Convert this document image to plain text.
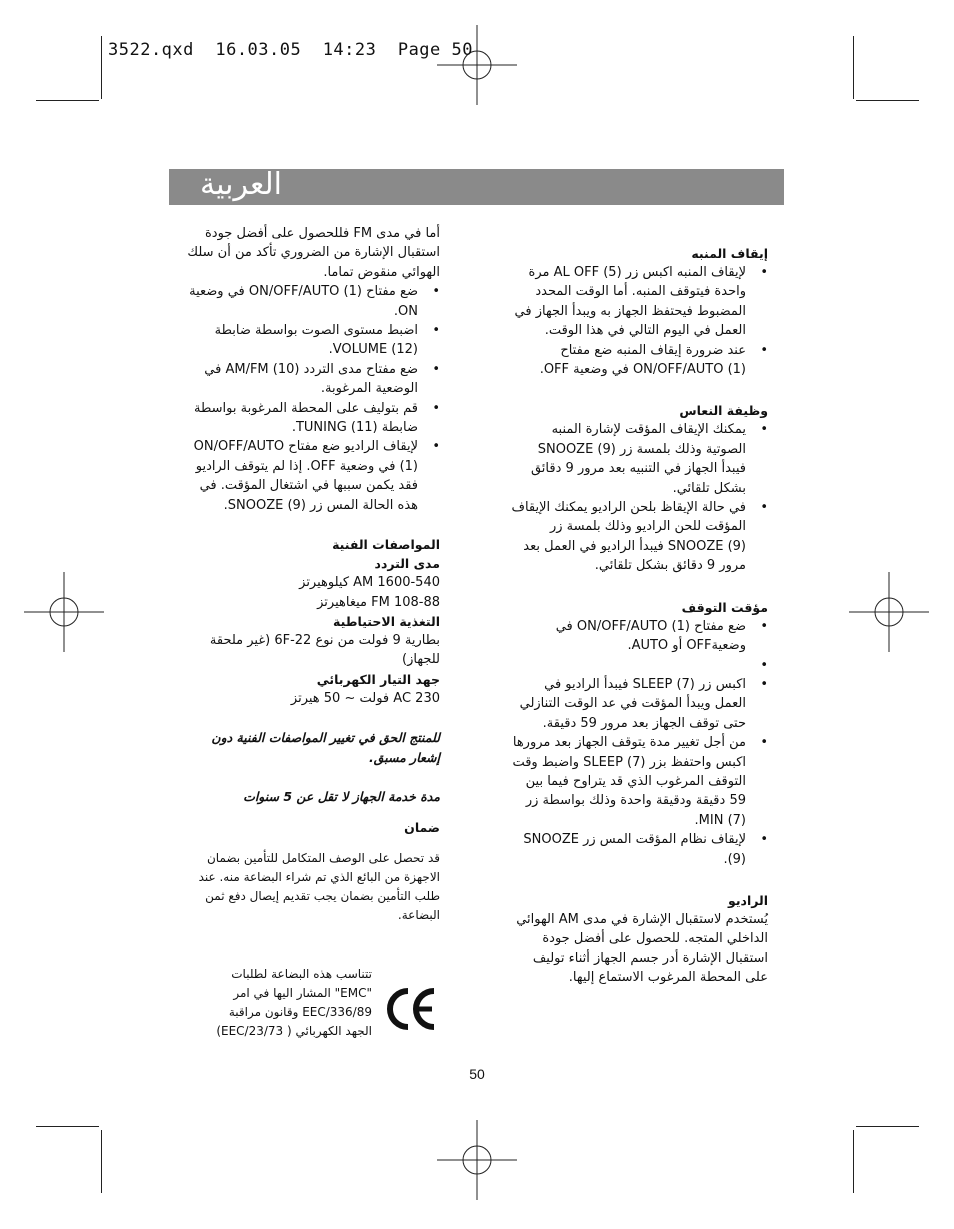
3522.qxd  16.03.05  14:23  Page 50

العربية

إيقاف المنبه
•
لإيقاف المنبه اكبس زر AL OFF (5) مرة واحدة فيتوقف المنبه. أما الوقت المحدد المضبوط فيحتفظ الجهاز به ويبدأ الجهاز في العمل في اليوم التالي في هذا الوقت.
•
عند ضرورة إيقاف المنبه ضع مفتاح ON/OFF/AUTO (1) في وضعية OFF.
وظيفة النعاس
•
يمكنك الإيقاف المؤقت لإشارة المنبه الصوتية وذلك بلمسة زر SNOOZE (9) فيبدأ الجهاز في التنبيه بعد مرور 9 دقائق بشكل تلقائي.
•
في حالة الإيقاظ بلحن الراديو يمكنك الإيقاف المؤقت للحن الراديو وذلك بلمسة زر SNOOZE (9) فيبدأ الراديو في العمل بعد مرور 9 دقائق بشكل تلقائي.
مؤقت التوقف
•
ضع مفتاح ON/OFF/AUTO (1) في وضعيةOFF أو AUTO.
•

•
اكبس زر SLEEP (7) فيبدأ الراديو في العمل ويبدأ المؤقت في عد الوقت التنازلي حتى توقف الجهاز بعد مرور 59 دقيقة.
•
من أجل تغيير مدة يتوقف الجهاز بعد مرورها اكبس واحتفظ بزر SLEEP (7) واضبط وقت التوقف المرغوب الذي قد يتراوح فيما بين 59 دقيقة ودقيقة واحدة وذلك بواسطة زر MIN (7).
•
لإيقاف نظام المؤقت المس زر SNOOZE (9).
الراديو

يُستخدم لاستقبال الإشارة في مدى AM الهوائي الداخلي المتجه. للحصول على أفضل جودة استقبال الإشارة أدر جسم الجهاز أثناء توليف على المحطة المرغوب الاستماع إليها.

أما في مدى FM فللحصول على أفضل جودة استقبال الإشارة من الضروري تأكد من أن سلك الهوائي منقوض تماما.

•
ضع مفتاح ON/OFF/AUTO (1) في وضعية ON.
•
اضبط مستوى الصوت بواسطة ضابطة VOLUME (12).
•
ضع مفتاح مدى التردد AM/FM (10) في الوضعية المرغوبة.
•
قم بتوليف على المحطة المرغوبة بواسطة ضابطة TUNING (11).
•
لإيقاف الراديو ضع مفتاح ON/OFF/AUTO (1) في وضعية OFF. إذا لم يتوقف الراديو فقد يكمن سببها في اشتغال المؤقت. في هذه الحالة المس زر SNOOZE (9).
المواصفات الفنية
مدى التردد

1600-540 AM كيلوهيرتز

108-88 FM ميغاهيرتز

التغذية الاحتياطية

بطارية 9 فولت من نوع 6F-22 (غير ملحقة للجهاز)

جهد التيار الكهربائي

230 AC فولت ~ 50 هيرتز

للمنتج الحق في تغيير المواصفات الفنية دون إشعار مسبق.

مدة خدمة الجهاز لا تقل عن 5 سنوات

ضمان

قد تحصل على الوصف المتكامل للتأمين بضمان الاجهزة من البائع الذي تم شراء البضاعة منه. عند طلب التأمين بضمان يجب تقديم إيصال دفع ثمن البضاعة.

تتناسب هذه البضاعة لطلبات "EMC" المشار اليها في امر EEC/336/89 وقانون مراقبة الجهد الكهربائي ( EEC/23/73)

50
